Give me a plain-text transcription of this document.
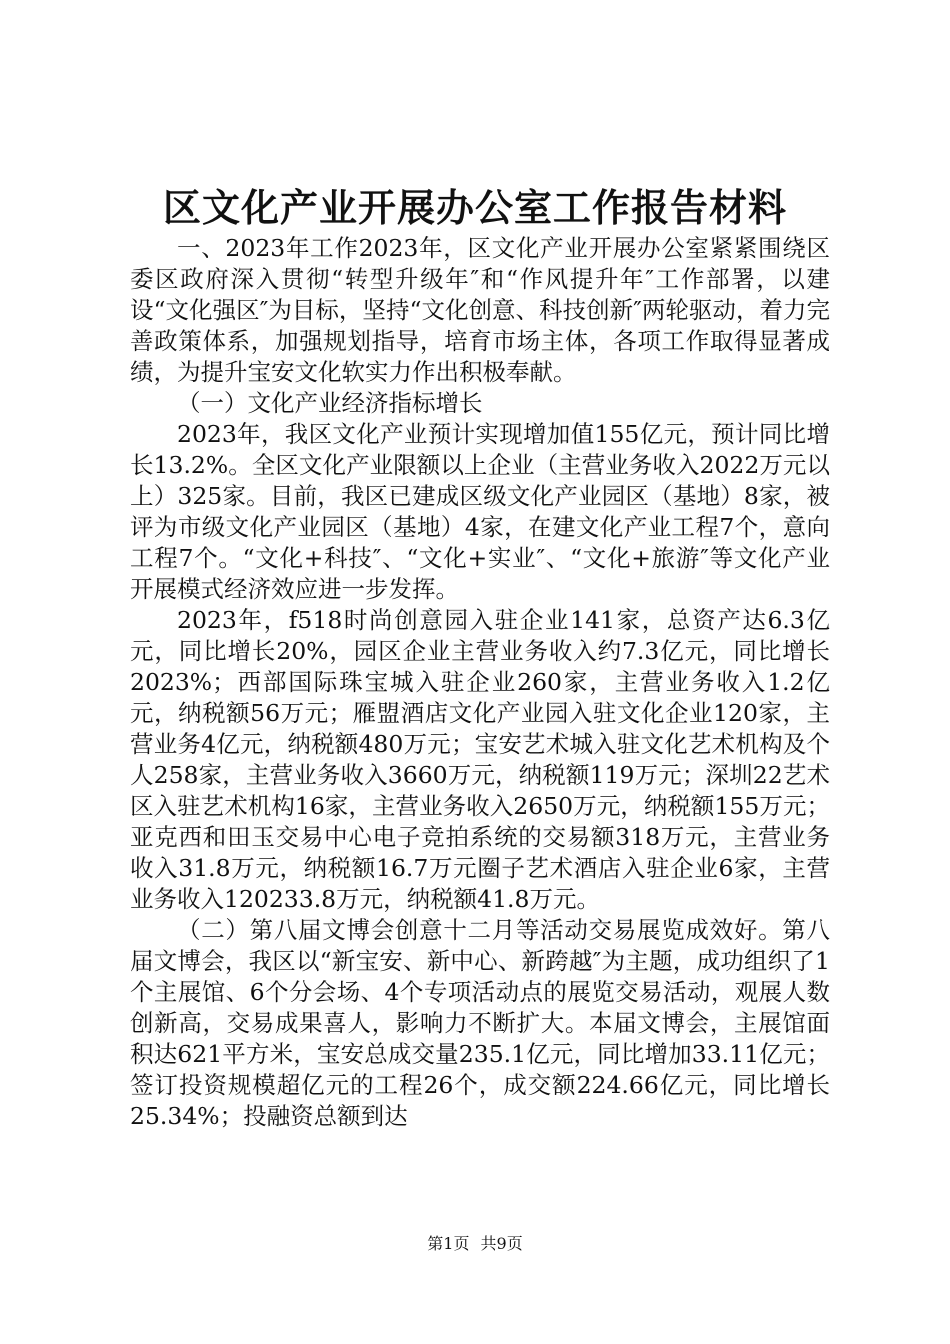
区文化产业开展办公室工作报告材料

一、2023年工作2023年，区文化产业开展办公室紧紧围绕区委区政府深入贯彻“转型升级年″和“作风提升年″工作部署，以建设“文化强区″为目标，坚持“文化创意、科技创新″两轮驱动，着力完善政策体系，加强规划指导，培育市场主体，各项工作取得显著成绩，为提升宝安文化软实力作出积极奉献。

（一）文化产业经济指标增长

2023年，我区文化产业预计实现增加值155亿元，预计同比增长13.2%。全区文化产业限额以上企业（主营业务收入2022万元以上）325家。目前，我区已建成区级文化产业园区（基地）8家，被评为市级文化产业园区（基地）4家，在建文化产业工程7个，意向工程7个。“文化+科技″、“文化+实业″、“文化+旅游″等文化产业开展模式经济效应进一步发挥。

2023年，f518时尚创意园入驻企业141家，总资产达6.3亿元，同比增长20%，园区企业主营业务收入约7.3亿元，同比增长2023%；西部国际珠宝城入驻企业260家，主营业务收入1.2亿元，纳税额56万元；雁盟酒店文化产业园入驻文化企业120家，主营业务4亿元，纳税额480万元；宝安艺术城入驻文化艺术机构及个人258家，主营业务收入3660万元，纳税额119万元；深圳22艺术区入驻艺术机构16家，主营业务收入2650万元，纳税额155万元；亚克西和田玉交易中心电子竞拍系统的交易额318万元，主营业务收入31.8万元，纳税额16.7万元圈子艺术酒店入驻企业6家，主营业务收入120233.8万元，纳税额41.8万元。

（二）第八届文博会创意十二月等活动交易展览成效好。第八届文博会，我区以“新宝安、新中心、新跨越″为主题，成功组织了1个主展馆、6个分会场、4个专项活动点的展览交易活动，观展人数创新高，交易成果喜人，影响力不断扩大。本届文博会，主展馆面积达621平方米，宝安总成交量235.1亿元，同比增加33.11亿元；签订投资规模超亿元的工程26个，成交额224.66亿元，同比增长25.34%；投融资总额到达

第1页 共9页
